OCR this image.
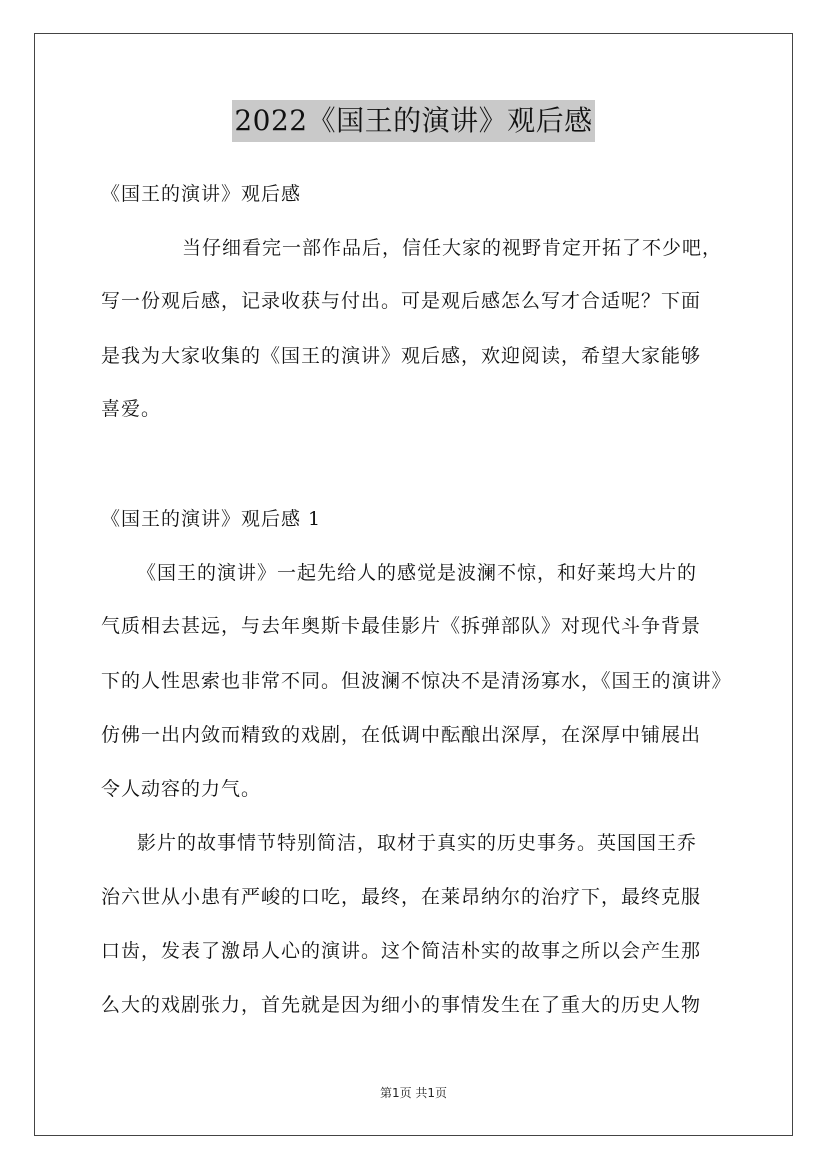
2022《国王的演讲》观后感
《国王的演讲》观后感
当仔细看完一部作品后，信任大家的视野肯定开拓了不少吧，
写一份观后感，记录收获与付出。可是观后感怎么写才合适呢？下面
是我为大家收集的《国王的演讲》观后感，欢迎阅读，希望大家能够
喜爱。
《国王的演讲》观后感 1
《国王的演讲》一起先给人的感觉是波澜不惊，和好莱坞大片的
气质相去甚远，与去年奥斯卡最佳影片《拆弹部队》对现代斗争背景
下的人性思索也非常不同。但波澜不惊决不是清汤寡水，《国王的演讲》
仿佛一出内敛而精致的戏剧，在低调中酝酿出深厚，在深厚中铺展出
令人动容的力气。
影片的故事情节特别简洁，取材于真实的历史事务。英国国王乔
治六世从小患有严峻的口吃，最终，在莱昂纳尔的治疗下，最终克服
口齿，发表了激昂人心的演讲。这个简洁朴实的故事之所以会产生那
么大的戏剧张力，首先就是因为细小的事情发生在了重大的历史人物
第1页 共1页
